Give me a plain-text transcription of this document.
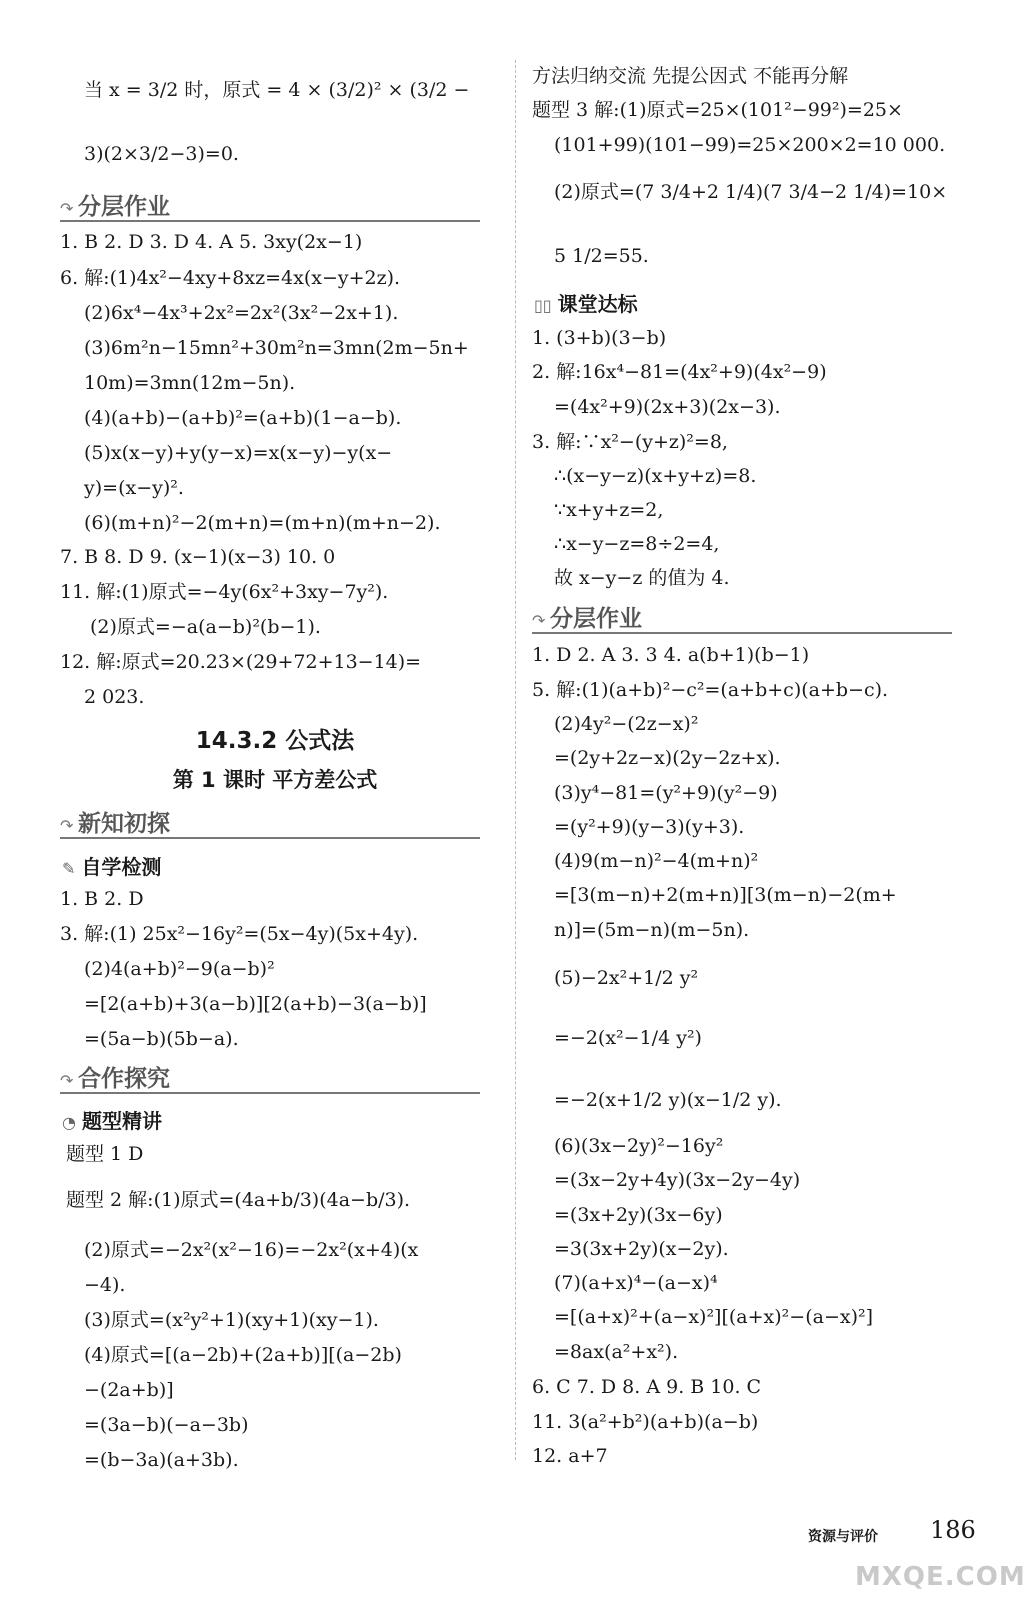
当 x = 3/2 时，原式 = 4 × (3/2)² × (3/2 −
3)(2×3/2−3)=0.
↷ 分层作业
1. B 2. D 3. D 4. A 5. 3xy(2x−1)
6. 解:(1)4x²−4xy+8xz=4x(x−y+2z).
(2)6x⁴−4x³+2x²=2x²(3x²−2x+1).
(3)6m²n−15mn²+30m²n=3mn(2m−5n+
10m)=3mn(12m−5n).
(4)(a+b)−(a+b)²=(a+b)(1−a−b).
(5)x(x−y)+y(y−x)=x(x−y)−y(x−
y)=(x−y)².
(6)(m+n)²−2(m+n)=(m+n)(m+n−2).
7. B 8. D 9. (x−1)(x−3) 10. 0
11. 解:(1)原式=−4y(6x²+3xy−7y²).
(2)原式=−a(a−b)²(b−1).
12. 解:原式=20.23×(29+72+13−14)=
2 023.
14.3.2 公式法
第 1 课时 平方差公式
↷ 新知初探
✎ 自学检测
1. B 2. D
3. 解:(1) 25x²−16y²=(5x−4y)(5x+4y).
(2)4(a+b)²−9(a−b)²
=[2(a+b)+3(a−b)][2(a+b)−3(a−b)]
=(5a−b)(5b−a).
↷ 合作探究
◔ 题型精讲
题型 1 D
题型 2 解:(1)原式=(4a+b/3)(4a−b/3).
(2)原式=−2x²(x²−16)=−2x²(x+4)(x
−4).
(3)原式=(x²y²+1)(xy+1)(xy−1).
(4)原式=[(a−2b)+(2a+b)][(a−2b)
−(2a+b)]
=(3a−b)(−a−3b)
=(b−3a)(a+3b).
方法归纳交流 先提公因式 不能再分解
题型 3 解:(1)原式=25×(101²−99²)=25×
(101+99)(101−99)=25×200×2=10 000.
(2)原式=(7 3/4+2 1/4)(7 3/4−2 1/4)=10×
5 1/2=55.
▯▯ 课堂达标
1. (3+b)(3−b)
2. 解:16x⁴−81=(4x²+9)(4x²−9)
=(4x²+9)(2x+3)(2x−3).
3. 解:∵x²−(y+z)²=8,
∴(x−y−z)(x+y+z)=8.
∵x+y+z=2,
∴x−y−z=8÷2=4,
故 x−y−z 的值为 4.
↷ 分层作业
1. D 2. A 3. 3 4. a(b+1)(b−1)
5. 解:(1)(a+b)²−c²=(a+b+c)(a+b−c).
(2)4y²−(2z−x)²
=(2y+2z−x)(2y−2z+x).
(3)y⁴−81=(y²+9)(y²−9)
=(y²+9)(y−3)(y+3).
(4)9(m−n)²−4(m+n)²
=[3(m−n)+2(m+n)][3(m−n)−2(m+
n)]=(5m−n)(m−5n).
(5)−2x²+1/2 y²
=−2(x²−1/4 y²)
=−2(x+1/2 y)(x−1/2 y).
(6)(3x−2y)²−16y²
=(3x−2y+4y)(3x−2y−4y)
=(3x+2y)(3x−6y)
=3(3x+2y)(x−2y).
(7)(a+x)⁴−(a−x)⁴
=[(a+x)²+(a−x)²][(a+x)²−(a−x)²]
=8ax(a²+x²).
6. C 7. D 8. A 9. B 10. C
11. 3(a²+b²)(a+b)(a−b)
12. a+7
资源与评价 186
MXQE.COM
